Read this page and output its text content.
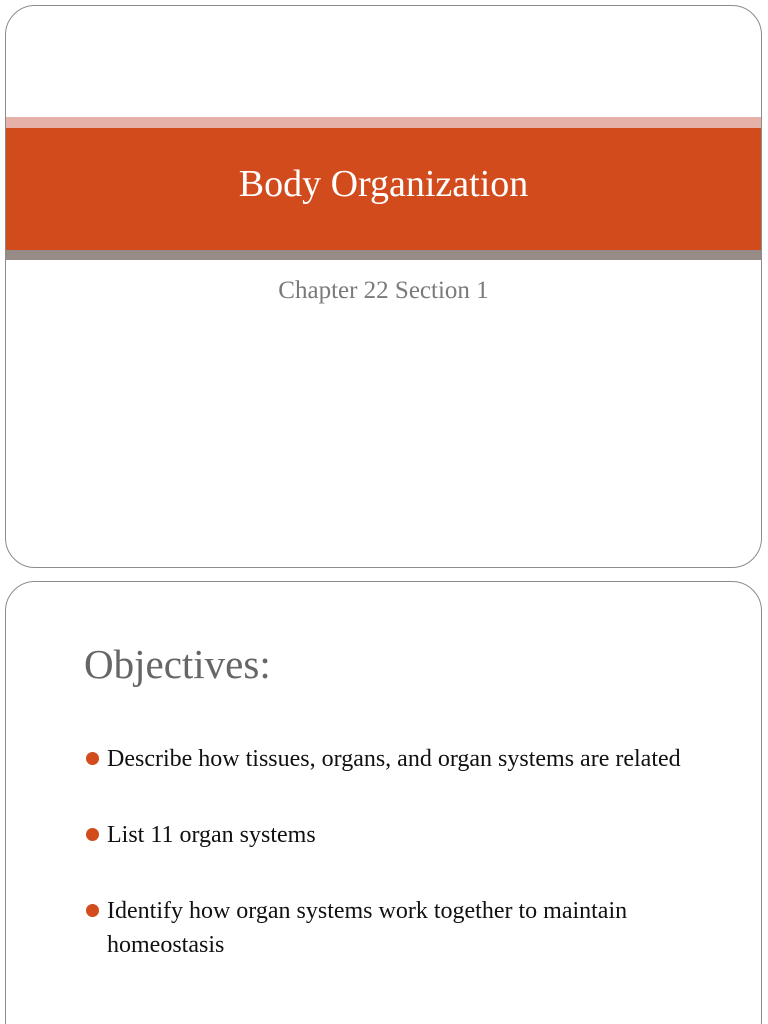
Body Organization
Chapter 22 Section 1
Objectives:
Describe how tissues, organs, and organ systems are related
List 11 organ systems
Identify how organ systems work together to maintain homeostasis
